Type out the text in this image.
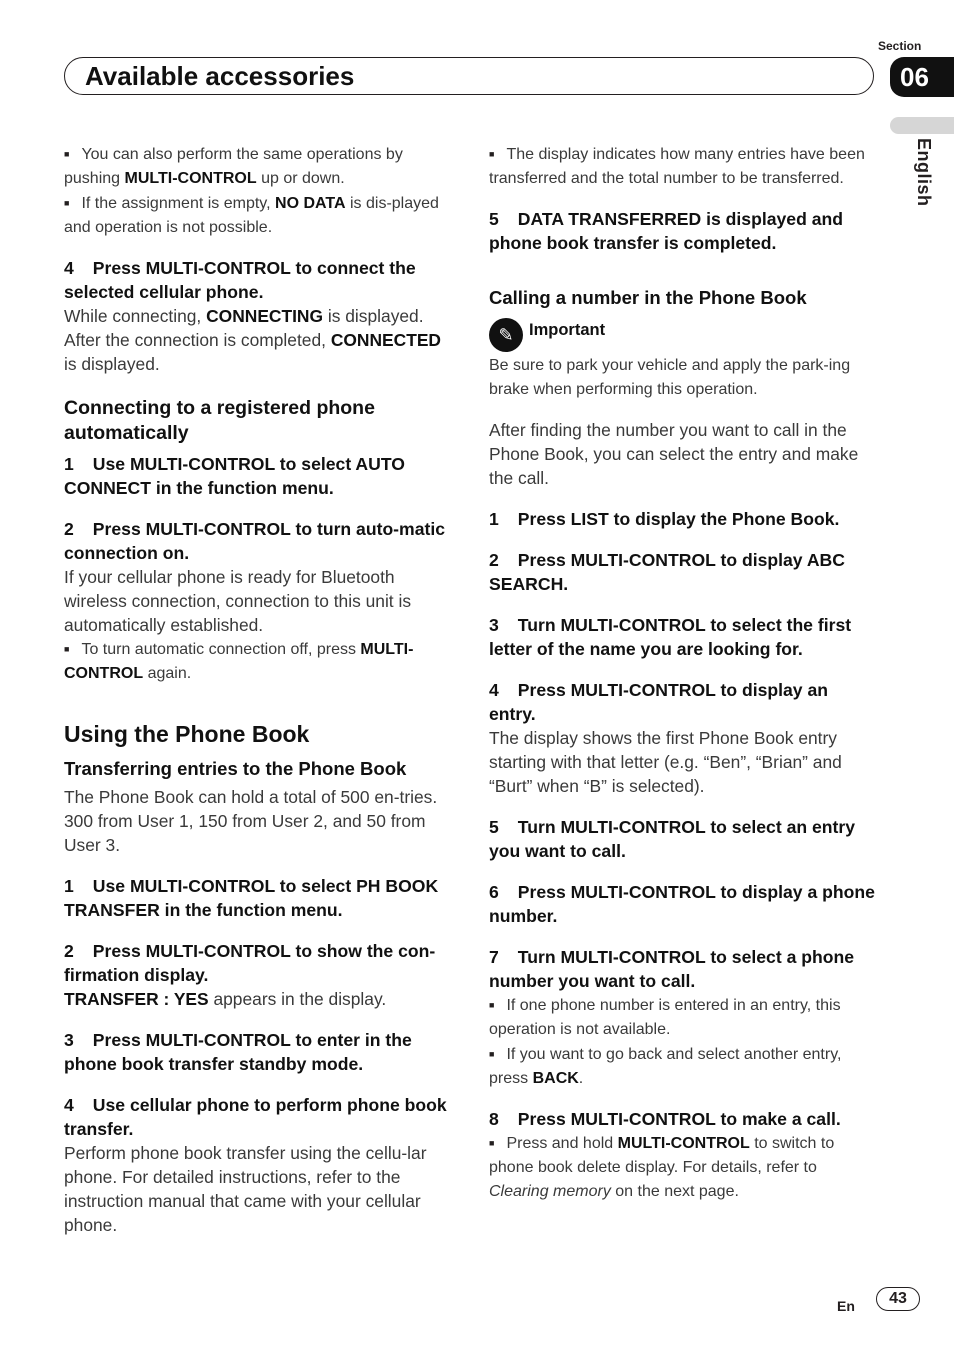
Available accessories
Section
06
English

■ You can also perform the same operations by pushing MULTI-CONTROL up or down.

■ If the assignment is empty, NO DATA is dis-played and operation is not possible.

4 Press MULTI-CONTROL to connect the selected cellular phone.

While connecting, CONNECTING is displayed. After the connection is completed, CONNECTED is displayed.

Connecting to a registered phone automatically

1 Use MULTI-CONTROL to select AUTO CONNECT in the function menu.

2 Press MULTI-CONTROL to turn auto-matic connection on.

If your cellular phone is ready for Bluetooth wireless connection, connection to this unit is automatically established.

■ To turn automatic connection off, press MULTI-CONTROL again.

Using the Phone Book

Transferring entries to the Phone Book

The Phone Book can hold a total of 500 en-tries. 300 from User 1, 150 from User 2, and 50 from User 3.

1 Use MULTI-CONTROL to select PH BOOK TRANSFER in the function menu.

2 Press MULTI-CONTROL to show the con-firmation display.

TRANSFER : YES appears in the display.

3 Press MULTI-CONTROL to enter in the phone book transfer standby mode.

4 Use cellular phone to perform phone book transfer.

Perform phone book transfer using the cellu-lar phone. For detailed instructions, refer to the instruction manual that came with your cellular phone.

■ The display indicates how many entries have been transferred and the total number to be transferred.

5 DATA TRANSFERRED is displayed and phone book transfer is completed.

Calling a number in the Phone Book

✎ Important

Be sure to park your vehicle and apply the park-ing brake when performing this operation.

After finding the number you want to call in the Phone Book, you can select the entry and make the call.

1 Press LIST to display the Phone Book.

2 Press MULTI-CONTROL to display ABC SEARCH.

3 Turn MULTI-CONTROL to select the first letter of the name you are looking for.

4 Press MULTI-CONTROL to display an entry.

The display shows the first Phone Book entry starting with that letter (e.g. “Ben”, “Brian” and “Burt” when “B” is selected).

5 Turn MULTI-CONTROL to select an entry you want to call.

6 Press MULTI-CONTROL to display a phone number.

7 Turn MULTI-CONTROL to select a phone number you want to call.

■ If one phone number is entered in an entry, this operation is not available.

■ If you want to go back and select another entry, press BACK.

8 Press MULTI-CONTROL to make a call.

■ Press and hold MULTI-CONTROL to switch to phone book delete display. For details, refer to Clearing memory on the next page.

En	43
